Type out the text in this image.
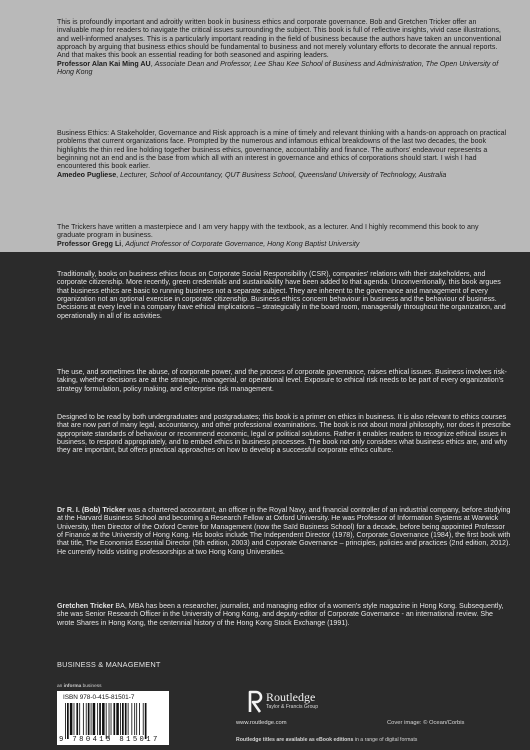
This is profoundly important and adroitly written book in business ethics and corporate governance. Bob and Gretchen Tricker offer an invaluable map for readers to navigate the critical issues surrounding the subject. This book is full of reflective insights, vivid case illustrations, and well-informed analyses. This is a particularly important reading in the field of business because the authors have taken an unconventional approach by arguing that business ethics should be fundamental to business and not merely voluntary efforts to decorate the annual reports. And that makes this book an essential reading for both seasoned and aspiring leaders.

Professor Alan Kai Ming AU, Associate Dean and Professor, Lee Shau Kee School of Business and Administration, The Open University of Hong Kong

Business Ethics: A Stakeholder, Governance and Risk approach is a mine of timely and relevant thinking with a hands-on approach on practical problems that current organizations face. Prompted by the numerous and infamous ethical breakdowns of the last two decades, the book highlights the thin red line holding together business ethics, governance, accountability and finance. The authors' endeavour represents a beginning not an end and is the base from which all with an interest in governance and ethics of corporations should start. I wish I had encountered this book earlier.

Amedeo Pugliese, Lecturer, School of Accountancy, QUT Business School, Queensland University of Technology, Australia

The Trickers have written a masterpiece and I am very happy with the textbook, as a lecturer. And I highly recommend this book to any graduate program in business.

Professor Gregg Li, Adjunct Professor of Corporate Governance, Hong Kong Baptist University

Traditionally, books on business ethics focus on Corporate Social Responsibility (CSR), companies' relations with their stakeholders, and corporate citizenship. More recently, green credentials and sustainability have been added to that agenda. Unconventionally, this book argues that business ethics are basic to running business not a separate subject. They are inherent to the governance and management of every organization not an optional exercise in corporate citizenship. Business ethics concern behaviour in business and the behaviour of business. Decisions at every level in a company have ethical implications – strategically in the board room, managerially throughout the organization, and operationally in all of its activities.

The use, and sometimes the abuse, of corporate power, and the process of corporate governance, raises ethical issues. Business involves risk-taking, whether decisions are at the strategic, managerial, or operational level. Exposure to ethical risk needs to be part of every organization's strategy formulation, policy making, and enterprise risk management.

Designed to be read by both undergraduates and postgraduates; this book is a primer on ethics in business. It is also relevant to ethics courses that are now part of many legal, accountancy, and other professional examinations. The book is not about moral philosophy, nor does it prescribe appropriate standards of behaviour or recommend economic, legal or political solutions. Rather it enables readers to recognize ethical issues in business, to respond appropriately, and to embed ethics in business processes. The book not only considers what business ethics are, and why they are important, but offers practical approaches on how to develop a successful corporate ethics culture.

Dr R. I. (Bob) Tricker was a chartered accountant, an officer in the Royal Navy, and financial controller of an industrial company, before studying at the Harvard Business School and becoming a Research Fellow at Oxford University. He was Professor of Information Systems at Warwick University, then Director of the Oxford Centre for Management (now the Saïd Business School) for a decade, before being appointed Professor of Finance at the University of Hong Kong. His books include The Independent Director (1978), Corporate Governance (1984), the first book with that title, The Economist Essential Director (5th edition, 2003) and Corporate Governance – principles, policies and practices (2nd edition, 2012). He currently holds visiting professorships at two Hong Kong Universities.

Gretchen Tricker BA, MBA has been a researcher, journalist, and managing editor of a women's style magazine in Hong Kong. Subsequently, she was Senior Research Officer in the University of Hong Kong, and deputy-editor of Corporate Governance - an international review. She wrote Shares in Hong Kong, the centennial history of the Hong Kong Stock Exchange (1991).

BUSINESS & MANAGEMENT
an informa business
ISBN 978-0-415-81501-7
9 780415 815017
Routledge
Taylor & Francis Group
www.routledge.com	Cover image: © Ocean/Corbis
Routledge titles are available as eBook editions in a range of digital formats
